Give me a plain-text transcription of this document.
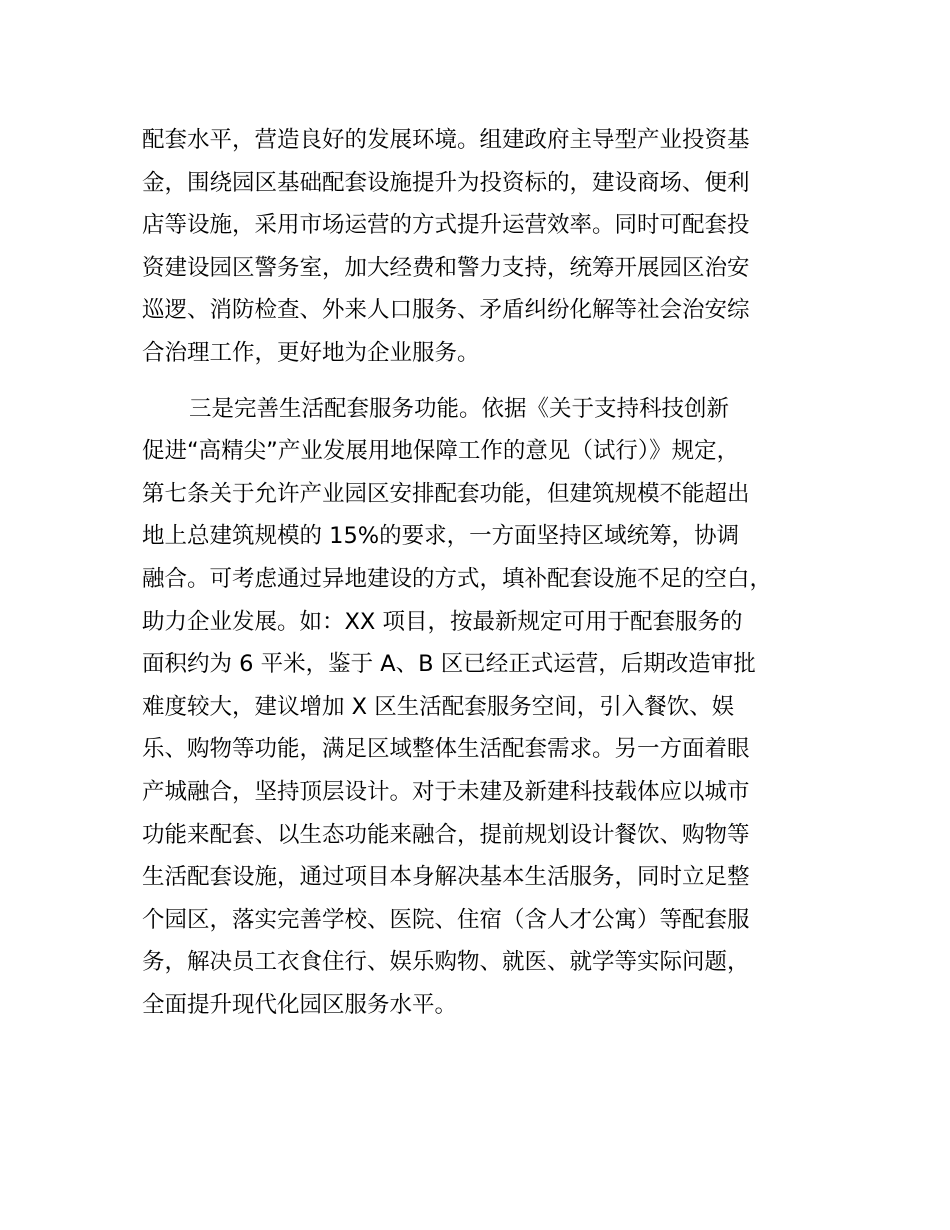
配套水平，营造良好的发展环境。组建政府主导型产业投资基
金，围绕园区基础配套设施提升为投资标的，建设商场、便利
店等设施，采用市场运营的方式提升运营效率。同时可配套投
资建设园区警务室，加大经费和警力支持，统筹开展园区治安
巡逻、消防检查、外来人口服务、矛盾纠纷化解等社会治安综
合治理工作，更好地为企业服务。
三是完善生活配套服务功能。依据《关于支持科技创新
促进“高精尖”产业发展用地保障工作的意见（试行）》规定，
第七条关于允许产业园区安排配套功能，但建筑规模不能超出
地上总建筑规模的 15%的要求，一方面坚持区域统筹，协调
融合。可考虑通过异地建设的方式，填补配套设施不足的空白，
助力企业发展。如：XX 项目，按最新规定可用于配套服务的
面积约为 6 平米，鉴于 A、B 区已经正式运营，后期改造审批
难度较大，建议增加 X 区生活配套服务空间，引入餐饮、娱
乐、购物等功能，满足区域整体生活配套需求。另一方面着眼
产城融合，坚持顶层设计。对于未建及新建科技载体应以城市
功能来配套、以生态功能来融合，提前规划设计餐饮、购物等
生活配套设施，通过项目本身解决基本生活服务，同时立足整
个园区，落实完善学校、医院、住宿（含人才公寓）等配套服
务，解决员工衣食住行、娱乐购物、就医、就学等实际问题，
全面提升现代化园区服务水平。
